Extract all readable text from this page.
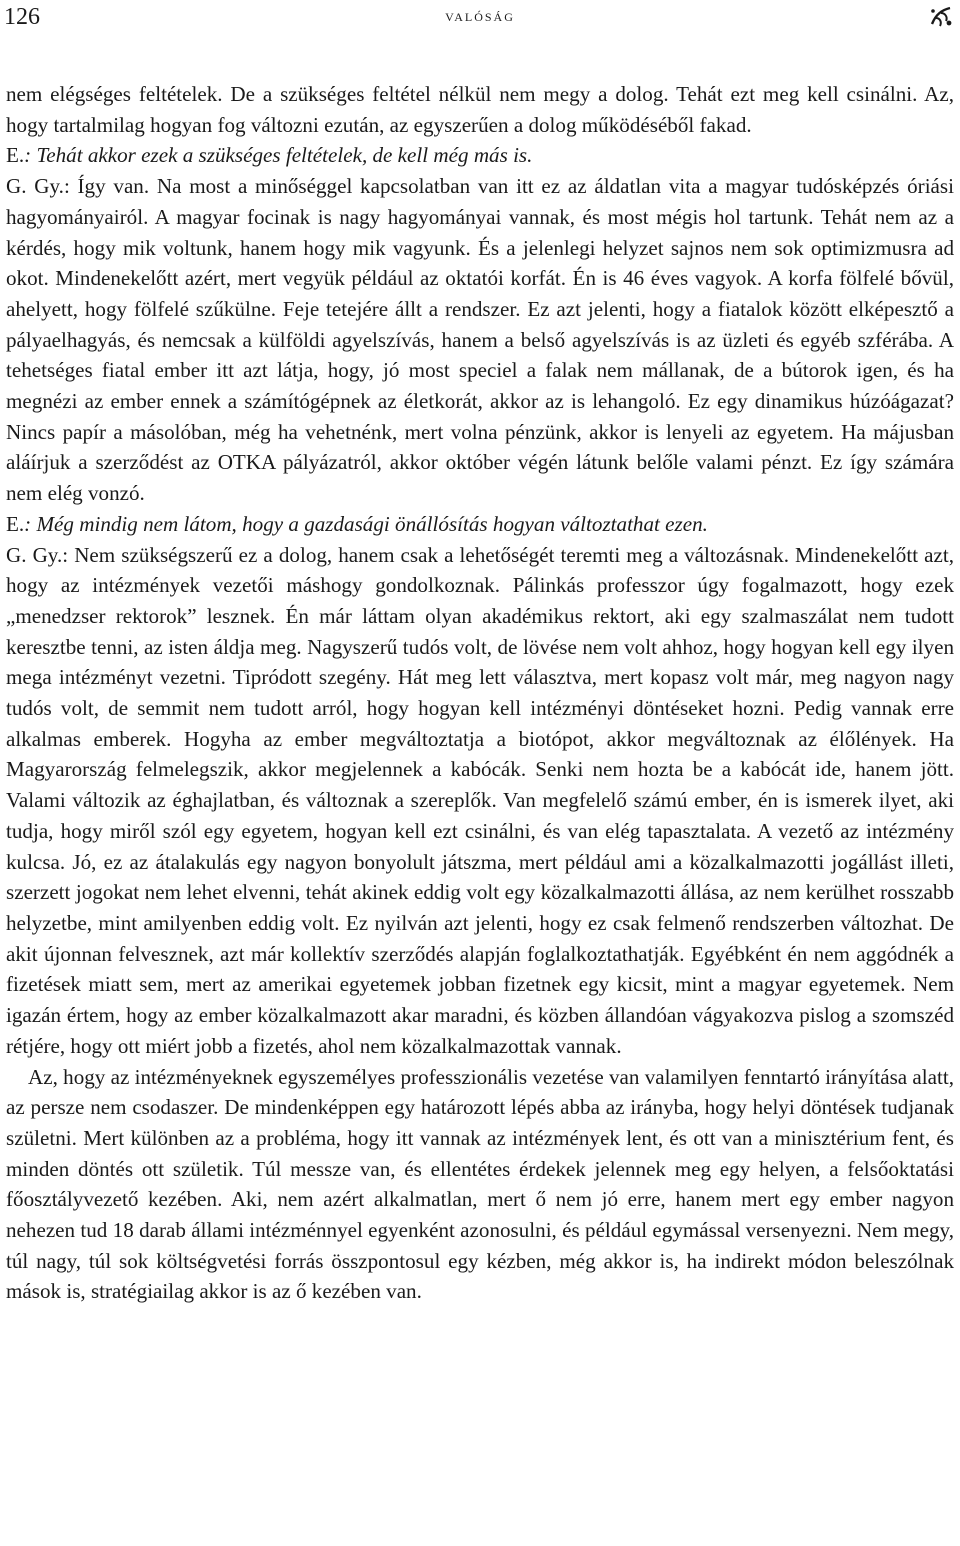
126	valóság

nem elégséges feltételek. De a szükséges feltétel nélkül nem megy a dolog. Tehát ezt meg kell csinálni. Az, hogy tartalmilag hogyan fog változni ezután, az egyszerűen a dolog működéséből fakad.

E.: Tehát akkor ezek a szükséges feltételek, de kell még más is.

G. Gy.: Így van. Na most a minőséggel kapcsolatban van itt ez az áldatlan vita a magyar tudósképzés óriási hagyományairól. A magyar focinak is nagy hagyományai vannak, és most mégis hol tartunk. Tehát nem az a kérdés, hogy mik voltunk, hanem hogy mik vagyunk. És a jelenlegi helyzet sajnos nem sok optimizmusra ad okot. Mindenekelőtt azért, mert vegyük például az oktatói korfát. Én is 46 éves vagyok. A korfa fölfelé bővül, ahelyett, hogy fölfelé szűkülne. Feje tetejére állt a rendszer. Ez azt jelenti, hogy a fiatalok között elképesztő a pályaelhagyás, és nemcsak a külföldi agyelszívás, hanem a belső agyelszívás is az üzleti és egyéb szférába. A tehetséges fiatal ember itt azt látja, hogy, jó most speciel a falak nem mállanak, de a bútorok igen, és ha megnézi az ember ennek a számítógépnek az életkorát, akkor az is lehangoló. Ez egy dinamikus húzóágazat? Nincs papír a másolóban, még ha vehetnénk, mert volna pénzünk, akkor is lenyeli az egyetem. Ha májusban aláírjuk a szerződést az OTKA pályázatról, akkor október végén látunk belőle valami pénzt. Ez így számára nem elég vonzó.

E.: Még mindig nem látom, hogy a gazdasági önállósítás hogyan változtathat ezen.

G. Gy.: Nem szükségszerű ez a dolog, hanem csak a lehetőségét teremti meg a változásnak. Mindenekelőtt azt, hogy az intézmények vezetői máshogy gondolkoznak. Pálinkás professzor úgy fogalmazott, hogy ezek „menedzser rektorok” lesznek. Én már láttam olyan akadémikus rektort, aki egy szalmaszálat nem tudott keresztbe tenni, az isten áldja meg. Nagyszerű tudós volt, de lövése nem volt ahhoz, hogy hogyan kell egy ilyen mega intézményt vezetni. Tipródott szegény. Hát meg lett választva, mert kopasz volt már, meg nagyon nagy tudós volt, de semmit nem tudott arról, hogy hogyan kell intézményi döntéseket hozni. Pedig vannak erre alkalmas emberek. Hogyha az ember megváltoztatja a biotópot, akkor megváltoznak az élőlények. Ha Magyarország felmelegszik, akkor megjelennek a kabócák. Senki nem hozta be a kabócát ide, hanem jött. Valami változik az éghajlatban, és változnak a szereplők. Van megfelelő számú ember, én is ismerek ilyet, aki tudja, hogy miről szól egy egyetem, hogyan kell ezt csinálni, és van elég tapasztalata. A vezető az intézmény kulcsa. Jó, ez az átalakulás egy nagyon bonyolult játszma, mert például ami a közalkalmazotti jogállást illeti, szerzett jogokat nem lehet elvenni, tehát akinek eddig volt egy közalkalmazotti állása, az nem kerülhet rosszabb helyzetbe, mint amilyenben eddig volt. Ez nyilván azt jelenti, hogy ez csak felmenő rendszerben változhat. De akit újonnan felvesznek, azt már kollektív szerződés alapján foglalkoztathatják. Egyébként én nem aggódnék a fizetések miatt sem, mert az amerikai egyetemek jobban fizetnek egy kicsit, mint a magyar egyetemek. Nem igazán értem, hogy az ember közalkalmazott akar maradni, és közben állandóan vágyakozva pislog a szomszéd rétjére, hogy ott miért jobb a fizetés, ahol nem közalkalmazottak vannak.

Az, hogy az intézményeknek egyszemélyes professzionális vezetése van valamilyen fenntartó irányítása alatt, az persze nem csodaszer. De mindenképpen egy határozott lépés abba az irányba, hogy helyi döntések tudjanak születni. Mert különben az a probléma, hogy itt vannak az intézmények lent, és ott van a minisztérium fent, és minden döntés ott születik. Túl messze van, és ellentétes érdekek jelennek meg egy helyen, a felsőoktatási főosztályvezető kezében. Aki, nem azért alkalmatlan, mert ő nem jó erre, hanem mert egy ember nagyon nehezen tud 18 darab állami intézménnyel egyenként azonosulni, és például egymással versenyezni. Nem megy, túl nagy, túl sok költségvetési forrás összpontosul egy kézben, még akkor is, ha indirekt módon beleszólnak mások is, stratégiailag akkor is az ő kezében van.
